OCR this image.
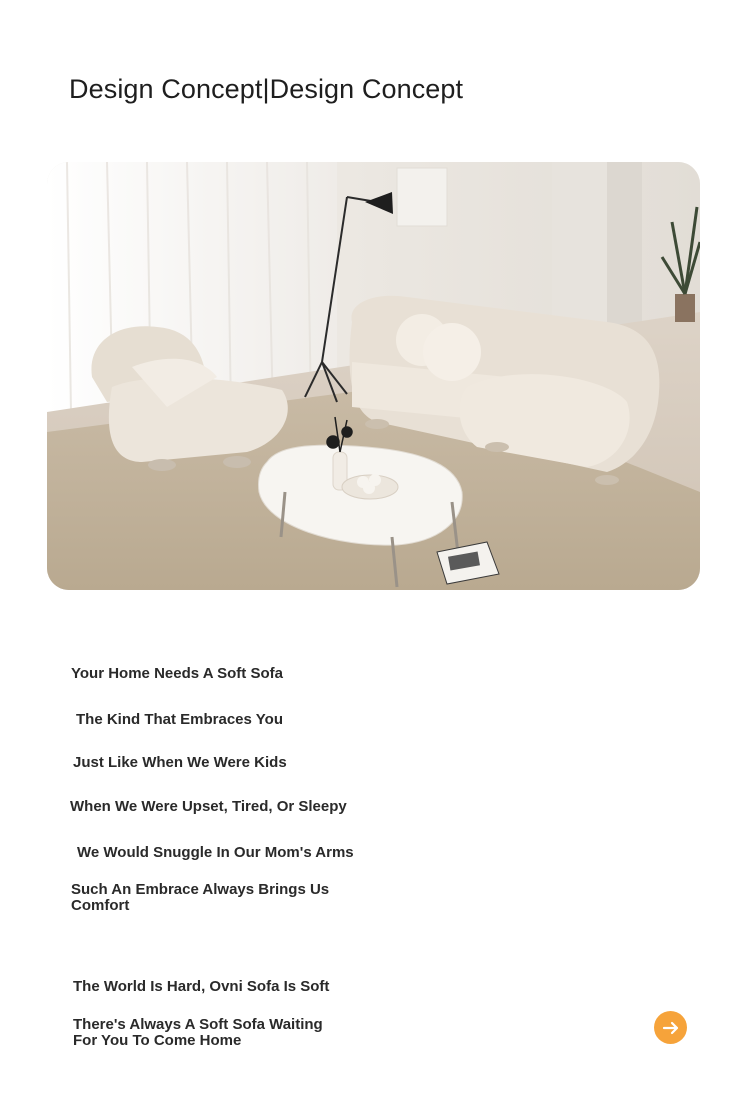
Design Concept|Design Concept

Your Home Needs A Soft Sofa

The Kind That Embraces You

Just Like When We Were Kids

When We Were Upset, Tired, Or Sleepy

We Would Snuggle In Our Mom's Arms

Such An Embrace Always Brings Us Comfort

The World Is Hard, Ovni Sofa Is Soft

There's Always A Soft Sofa Waiting For You To Come Home
